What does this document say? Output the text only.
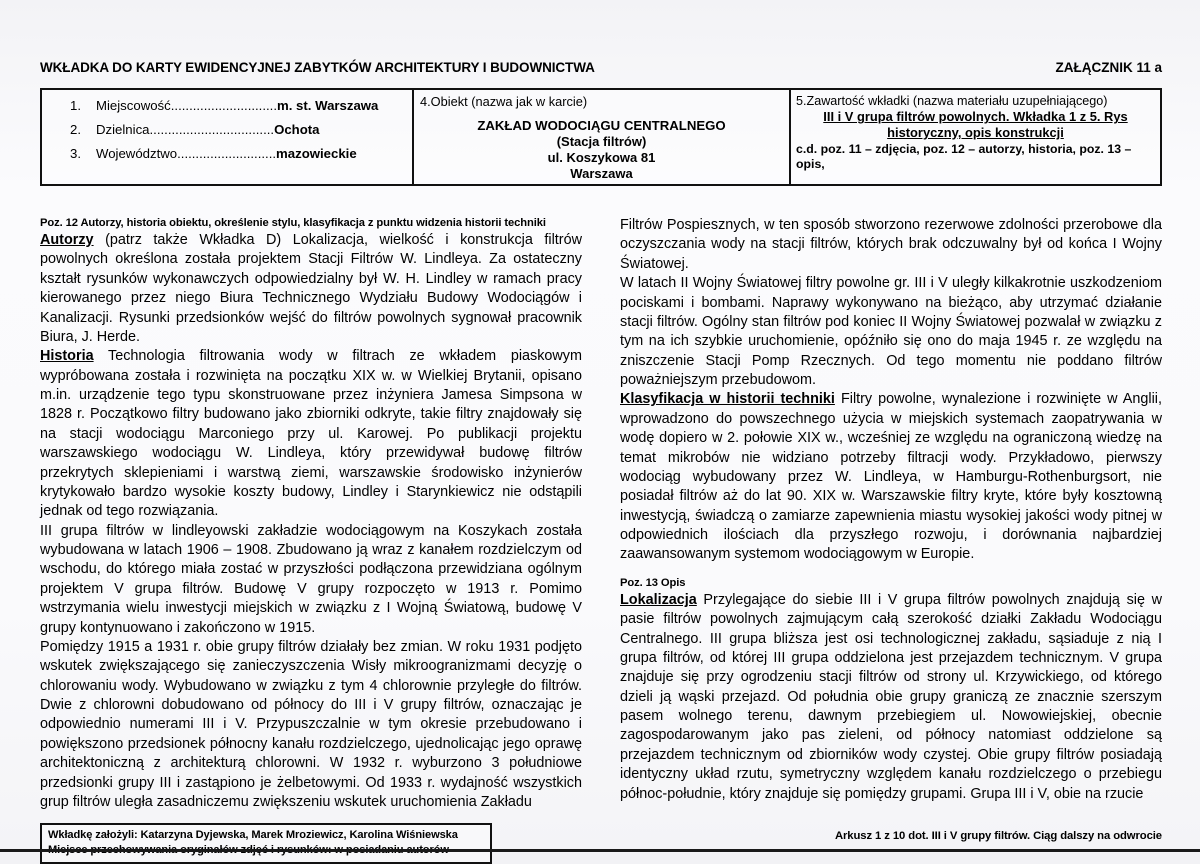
WKŁADKA DO KARTY EWIDENCYJNEJ ZABYTKÓW ARCHITEKTURY I BUDOWNICTWA	ZAŁĄCZNIK 11 a
1.	Miejscowość............................. m. st. Warszawa
2.	Dzielnica.................................. Ochota
3.	Województwo........................... mazowieckie
4.Obiekt (nazwa jak w karcie)
ZAKŁAD WODOCIĄGU CENTRALNEGO
(Stacja filtrów)
ul. Koszykowa 81
Warszawa
5.Zawartość wkładki (nazwa materiału uzupełniającego)
III i V grupa filtrów powolnych. Wkładka 1 z 5. Rys
historyczny, opis konstrukcji
c.d. poz. 11 – zdjęcia, poz. 12 – autorzy, historia, poz. 13 – opis,
Poz. 12 Autorzy, historia obiektu, określenie stylu, klasyfikacja z punktu widzenia historii techniki

Autorzy (patrz także Wkładka D) Lokalizacja, wielkość i konstrukcja filtrów powolnych określona została projektem Stacji Filtrów W. Lindleya. Za ostateczny kształt rysunków wykonawczych odpowiedzialny był W. H. Lindley w ramach pracy kierowanego przez niego Biura Technicznego Wydziału Budowy Wodociągów i Kanalizacji. Rysunki przedsionków wejść do filtrów powolnych sygnował pracownik Biura, J. Herde.

Historia Technologia filtrowania wody w filtrach ze wkładem piaskowym wypróbowana została i rozwinięta na początku XIX w. w Wielkiej Brytanii, opisano m.in. urządzenie tego typu skonstruowane przez inżyniera Jamesa Simpsona w 1828 r. Początkowo filtry budowano jako zbiorniki odkryte, takie filtry znajdowały się na stacji wodociągu Marconiego przy ul. Karowej. Po publikacji projektu warszawskiego wodociągu W. Lindleya, który przewidywał budowę filtrów przekrytych sklepieniami i warstwą ziemi, warszawskie środowisko inżynierów krytykowało bardzo wysokie koszty budowy, Lindley i Starynkiewicz nie odstąpili jednak od tego rozwiązania.

III grupa filtrów w lindleyowski zakładzie wodociągowym na Koszykach została wybudowana w latach 1906 – 1908. Zbudowano ją wraz z kanałem rozdzielczym od wschodu, do którego miała zostać w przyszłości podłączona przewidziana ogólnym projektem V grupa filtrów. Budowę V grupy rozpoczęto w 1913 r. Pomimo wstrzymania wielu inwestycji miejskich w związku z I Wojną Światową, budowę V grupy kontynuowano i zakończono w 1915.

Pomiędzy 1915 a 1931 r. obie grupy filtrów działały bez zmian. W roku 1931 podjęto wskutek zwiększającego się zanieczyszczenia Wisły mikroogranizmami decyzję o chlorowaniu wody. Wybudowano w związku z tym 4 chlorownie przyległe do filtrów. Dwie z chlorowni dobudowano od północy do III i V grupy filtrów, oznaczając je odpowiednio numerami III i V. Przypuszczalnie w tym okresie przebudowano i powiększono przedsionek północny kanału rozdzielczego, ujednolicając jego oprawę architektoniczną z architekturą chlorowni. W 1932 r. wyburzono 3 południowe przedsionki grupy III i zastąpiono je żelbetowymi. Od 1933 r. wydajność wszystkich grup filtrów uległa zasadniczemu zwiększeniu wskutek uruchomienia Zakładu

Filtrów Pospiesznych, w ten sposób stworzono rezerwowe zdolności przerobowe dla oczyszczania wody na stacji filtrów, których brak odczuwalny był od końca I Wojny Światowej.

W latach II Wojny Światowej filtry powolne gr. III i V uległy kilkakrotnie uszkodzeniom pociskami i bombami. Naprawy wykonywano na bieżąco, aby utrzymać działanie stacji filtrów. Ogólny stan filtrów pod koniec II Wojny Światowej pozwalał w związku z tym na ich szybkie uruchomienie, opóźniło się ono do maja 1945 r. ze względu na zniszczenie Stacji Pomp Rzecznych. Od tego momentu nie poddano filtrów poważniejszym przebudowom.

Klasyfikacja w historii techniki Filtry powolne, wynalezione i rozwinięte w Anglii, wprowadzono do powszechnego użycia w miejskich systemach zaopatrywania w wodę dopiero w 2. połowie XIX w., wcześniej ze względu na ograniczoną wiedzę na temat mikrobów nie widziano potrzeby filtracji wody. Przykładowo, pierwszy wodociąg wybudowany przez W. Lindleya, w Hamburgu-Rothenburgsort, nie posiadał filtrów aż do lat 90. XIX w. Warszawskie filtry kryte, które były kosztowną inwestycją, świadczą o zamiarze zapewnienia miastu wysokiej jakości wody pitnej w odpowiednich ilościach dla przyszłego rozwoju, i dorównania najbardziej zaawansowanym systemom wodociągowym w Europie.

Poz. 13 Opis

Lokalizacja Przylegające do siebie III i V grupa filtrów powolnych znajdują się w pasie filtrów powolnych zajmującym całą szerokość działki Zakładu Wodociągu Centralnego. III grupa bliższa jest osi technologicznej zakładu, sąsiaduje z nią I grupa filtrów, od której III grupa oddzielona jest przejazdem technicznym. V grupa znajduje się przy ogrodzeniu stacji filtrów od strony ul. Krzywickiego, od którego dzieli ją wąski przejazd. Od południa obie grupy graniczą ze znacznie szerszym pasem wolnego terenu, dawnym przebiegiem ul. Nowowiejskiej, obecnie zagospodarowanym jako pas zieleni, od północy natomiast oddzielone są przejazdem technicznym od zbiorników wody czystej. Obie grupy filtrów posiadają identyczny układ rzutu, symetryczny względem kanału rozdzielczego o przebiegu północ-południe, który znajduje się pomiędzy grupami. Grupa III i V, obie na rzucie

Wkładkę założyli: Katarzyna Dyjewska, Marek Mroziewicz, Karolina Wiśniewska	Arkusz 1 z 10 dot. III i V grupy filtrów. Ciąg dalszy na odwrocie
